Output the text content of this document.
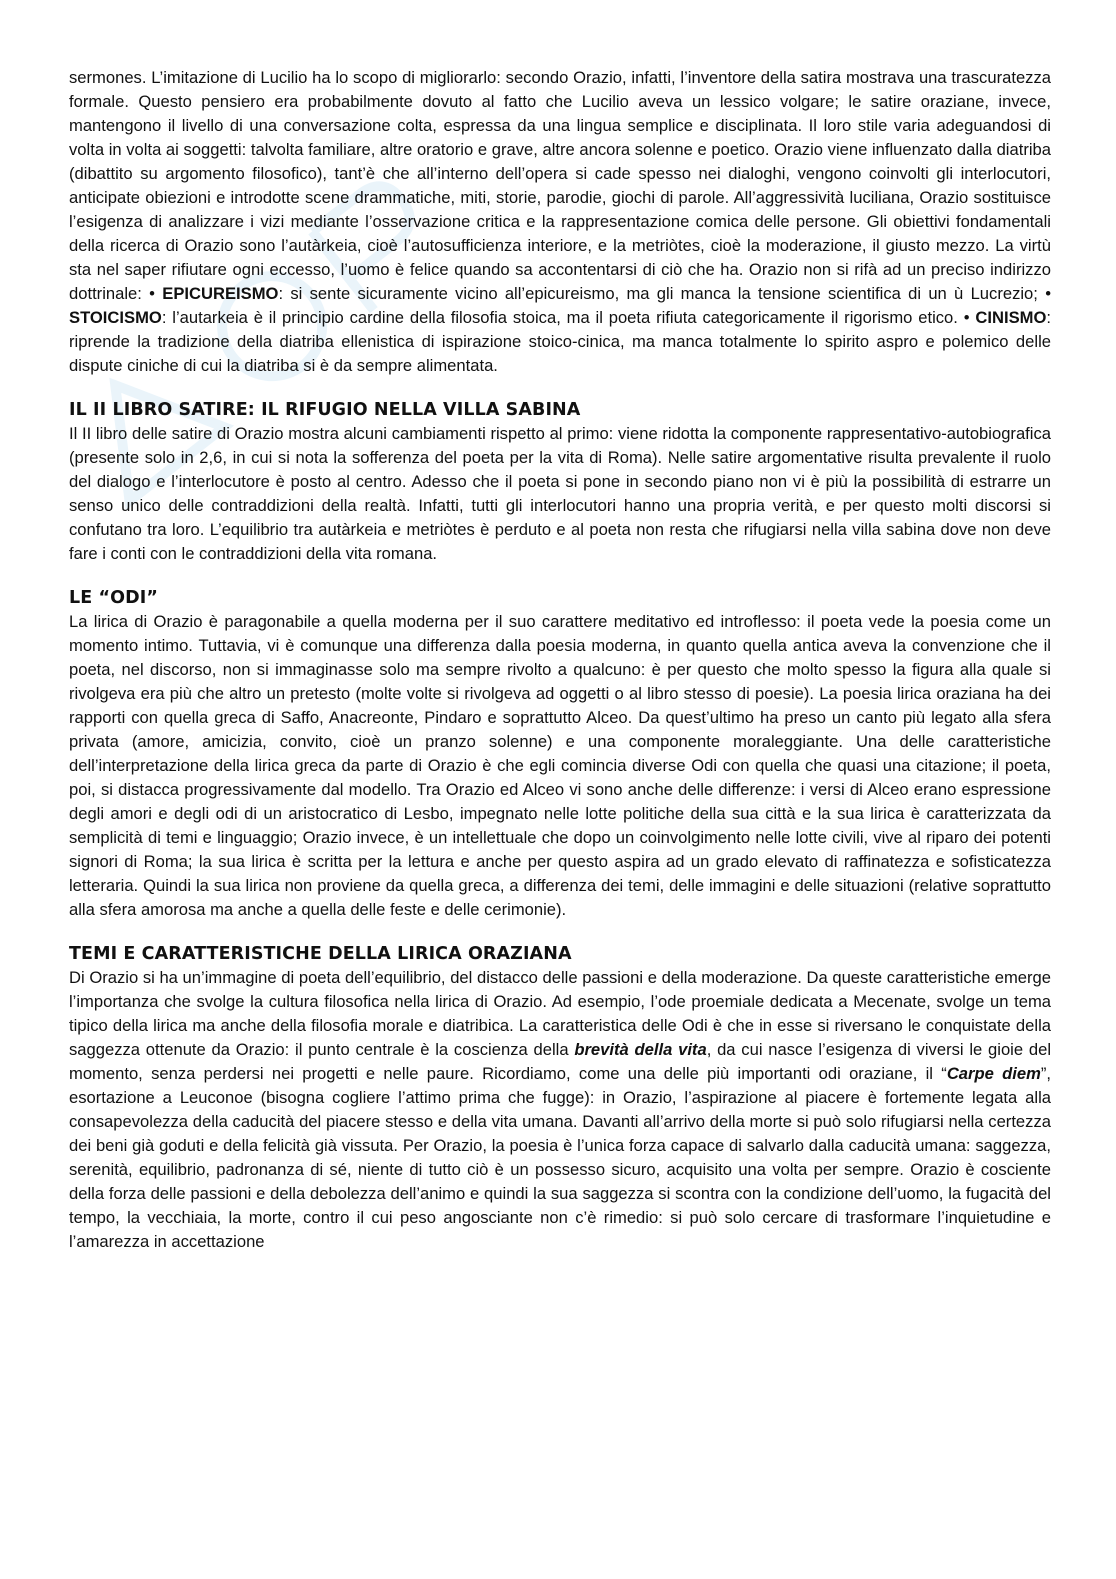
sermones. L’imitazione di Lucilio ha lo scopo di migliorarlo: secondo Orazio, infatti, l’inventore della satira mostrava una trascuratezza formale. Questo pensiero era probabilmente dovuto al fatto che Lucilio aveva un lessico volgare; le satire oraziane, invece, mantengono il livello di una conversazione colta, espressa da una lingua semplice e disciplinata. Il loro stile varia adeguandosi di volta in volta ai soggetti: talvolta familiare, altre oratorio e grave, altre ancora solenne e poetico. Orazio viene influenzato dalla diatriba (dibattito su argomento filosofico), tant’è che all’interno dell’opera si cade spesso nei dialoghi, vengono coinvolti gli interlocutori, anticipate obiezioni e introdotte scene drammatiche, miti, storie, parodie, giochi di parole. All’aggressività luciliana, Orazio sostituisce l’esigenza di analizzare i vizi mediante l’osservazione critica e la rappresentazione comica delle persone. Gli obiettivi fondamentali della ricerca di Orazio sono l’autàrkeia, cioè l’autosufficienza interiore, e la metriòtes, cioè la moderazione, il giusto mezzo. La virtù sta nel saper rifiutare ogni eccesso, l’uomo è felice quando sa accontentarsi di ciò che ha. Orazio non si rifà ad un preciso indirizzo dottrinale: • EPICUREISMO: si sente sicuramente vicino all’epicureismo, ma gli manca la tensione scientifica di un ù Lucrezio; • STOICISMO: l’autarkeia è il principio cardine della filosofia stoica, ma il poeta rifiuta categoricamente il rigorismo etico. • CINISMO: riprende la tradizione della diatriba ellenistica di ispirazione stoico-cinica, ma manca totalmente lo spirito aspro e polemico delle dispute ciniche di cui la diatriba si è da sempre alimentata.

IL II LIBRO SATIRE: IL RIFUGIO NELLA VILLA SABINA

Il II libro delle satire di Orazio mostra alcuni cambiamenti rispetto al primo: viene ridotta la componente rappresentativo-autobiografica (presente solo in 2,6, in cui si nota la sofferenza del poeta per la vita di Roma). Nelle satire argomentative risulta prevalente il ruolo del dialogo e l’interlocutore è posto al centro. Adesso che il poeta si pone in secondo piano non vi è più la possibilità di estrarre un senso unico delle contraddizioni della realtà. Infatti, tutti gli interlocutori hanno una propria verità, e per questo molti discorsi si confutano tra loro. L’equilibrio tra autàrkeia e metriòtes è perduto e al poeta non resta che rifugiarsi nella villa sabina dove non deve fare i conti con le contraddizioni della vita romana.

LE “ODI”

La lirica di Orazio è paragonabile a quella moderna per il suo carattere meditativo ed introflesso: il poeta vede la poesia come un momento intimo. Tuttavia, vi è comunque una differenza dalla poesia moderna, in quanto quella antica aveva la convenzione che il poeta, nel discorso, non si immaginasse solo ma sempre rivolto a qualcuno: è per questo che molto spesso la figura alla quale si rivolgeva era più che altro un pretesto (molte volte si rivolgeva ad oggetti o al libro stesso di poesie). La poesia lirica oraziana ha dei rapporti con quella greca di Saffo, Anacreonte, Pindaro e soprattutto Alceo. Da quest’ultimo ha preso un canto più legato alla sfera privata (amore, amicizia, convito, cioè un pranzo solenne) e una componente moraleggiante. Una delle caratteristiche dell’interpretazione della lirica greca da parte di Orazio è che egli comincia diverse Odi con quella che quasi una citazione; il poeta, poi, si distacca progressivamente dal modello. Tra Orazio ed Alceo vi sono anche delle differenze: i versi di Alceo erano espressione degli amori e degli odi di un aristocratico di Lesbo, impegnato nelle lotte politiche della sua città e la sua lirica è caratterizzata da semplicità di temi e linguaggio; Orazio invece, è un intellettuale che dopo un coinvolgimento nelle lotte civili, vive al riparo dei potenti signori di Roma; la sua lirica è scritta per la lettura e anche per questo aspira ad un grado elevato di raffinatezza e sofisticatezza letteraria. Quindi la sua lirica non proviene da quella greca, a differenza dei temi, delle immagini e delle situazioni (relative soprattutto alla sfera amorosa ma anche a quella delle feste e delle cerimonie).

TEMI E CARATTERISTICHE DELLA LIRICA ORAZIANA

Di Orazio si ha un’immagine di poeta dell’equilibrio, del distacco delle passioni e della moderazione. Da queste caratteristiche emerge l’importanza che svolge la cultura filosofica nella lirica di Orazio. Ad esempio, l’ode proemiale dedicata a Mecenate, svolge un tema tipico della lirica ma anche della filosofia morale e diatribica. La caratteristica delle Odi è che in esse si riversano le conquistate della saggezza ottenute da Orazio: il punto centrale è la coscienza della brevità della vita, da cui nasce l’esigenza di viversi le gioie del momento, senza perdersi nei progetti e nelle paure. Ricordiamo, come una delle più importanti odi oraziane, il “Carpe diem”, esortazione a Leuconoe (bisogna cogliere l’attimo prima che fugge): in Orazio, l’aspirazione al piacere è fortemente legata alla consapevolezza della caducità del piacere stesso e della vita umana. Davanti all’arrivo della morte si può solo rifugiarsi nella certezza dei beni già goduti e della felicità già vissuta. Per Orazio, la poesia è l’unica forza capace di salvarlo dalla caducità umana: saggezza, serenità, equilibrio, padronanza di sé, niente di tutto ciò è un possesso sicuro, acquisito una volta per sempre. Orazio è cosciente della forza delle passioni e della debolezza dell’animo e quindi la sua saggezza si scontra con la condizione dell’uomo, la fugacità del tempo, la vecchiaia, la morte, contro il cui peso angosciante non c’è rimedio: si può solo cercare di trasformare l’inquietudine e l’amarezza in accettazione
